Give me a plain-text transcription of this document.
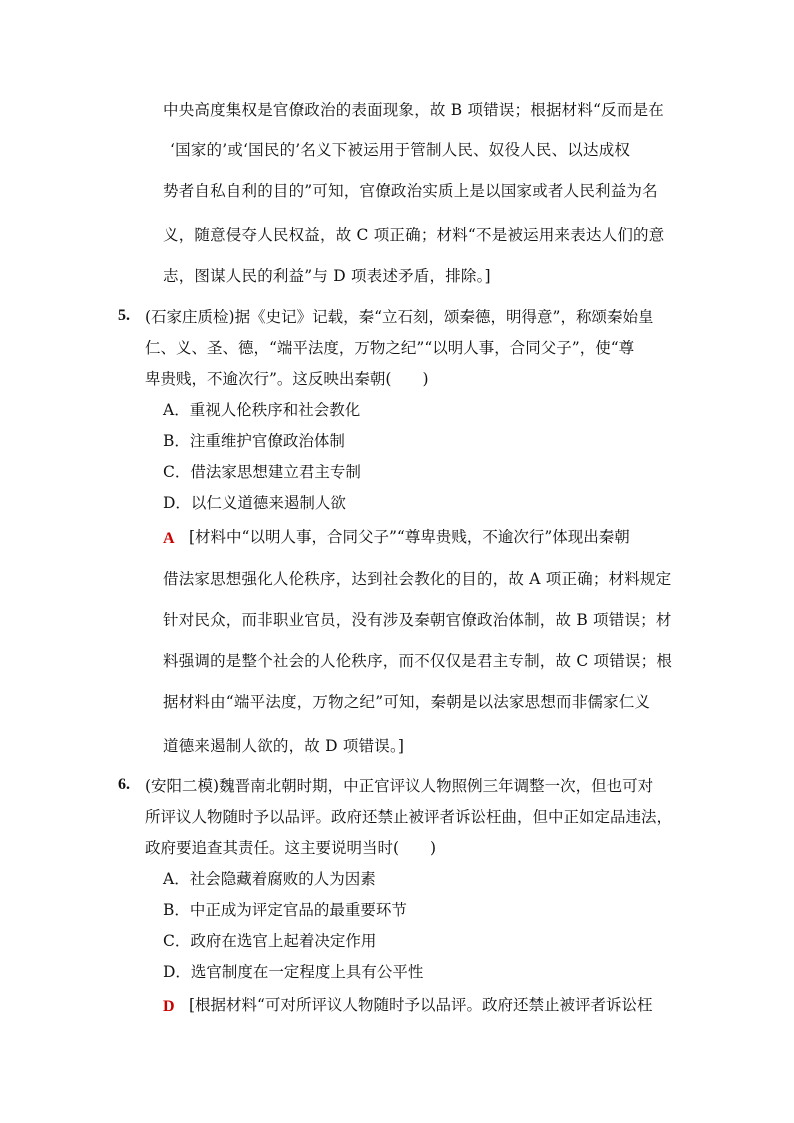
中央高度集权是官僚政治的表面现象，故 B 项错误；根据材料“反而是在
‘国家的’或‘国民的’名义下被运用于管制人民、奴役人民、以达成权
势者自私自利的目的”可知，官僚政治实质上是以国家或者人民利益为名
义，随意侵夺人民权益，故 C 项正确；材料“不是被运用来表达人们的意
志，图谋人民的利益”与 D 项表述矛盾，排除。]
5. (石家庄质检)据《史记》记载，秦“立石刻，颂秦德，明得意”，称颂秦始皇
仁、义、圣、德，“端平法度，万物之纪”“以明人事，合同父子”，使“尊
卑贵贱，不逾次行”。这反映出秦朝(　　)
A．重视人伦秩序和社会教化
B．注重维护官僚政治体制
C．借法家思想建立君主专制
D．以仁义道德来遏制人欲
A [材料中“以明人事，合同父子”“尊卑贵贱，不逾次行”体现出秦朝
借法家思想强化人伦秩序，达到社会教化的目的，故 A 项正确；材料规定
针对民众，而非职业官员，没有涉及秦朝官僚政治体制，故 B 项错误；材
料强调的是整个社会的人伦秩序，而不仅仅是君主专制，故 C 项错误；根
据材料由“端平法度，万物之纪”可知，秦朝是以法家思想而非儒家仁义
道德来遏制人欲的，故 D 项错误。]
6. (安阳二模)魏晋南北朝时期，中正官评议人物照例三年调整一次，但也可对
所评议人物随时予以品评。政府还禁止被评者诉讼枉曲，但中正如定品违法，
政府要追查其责任。这主要说明当时(　　)
A．社会隐藏着腐败的人为因素
B．中正成为评定官品的最重要环节
C．政府在选官上起着决定作用
D．选官制度在一定程度上具有公平性
D [根据材料“可对所评议人物随时予以品评。政府还禁止被评者诉讼枉
